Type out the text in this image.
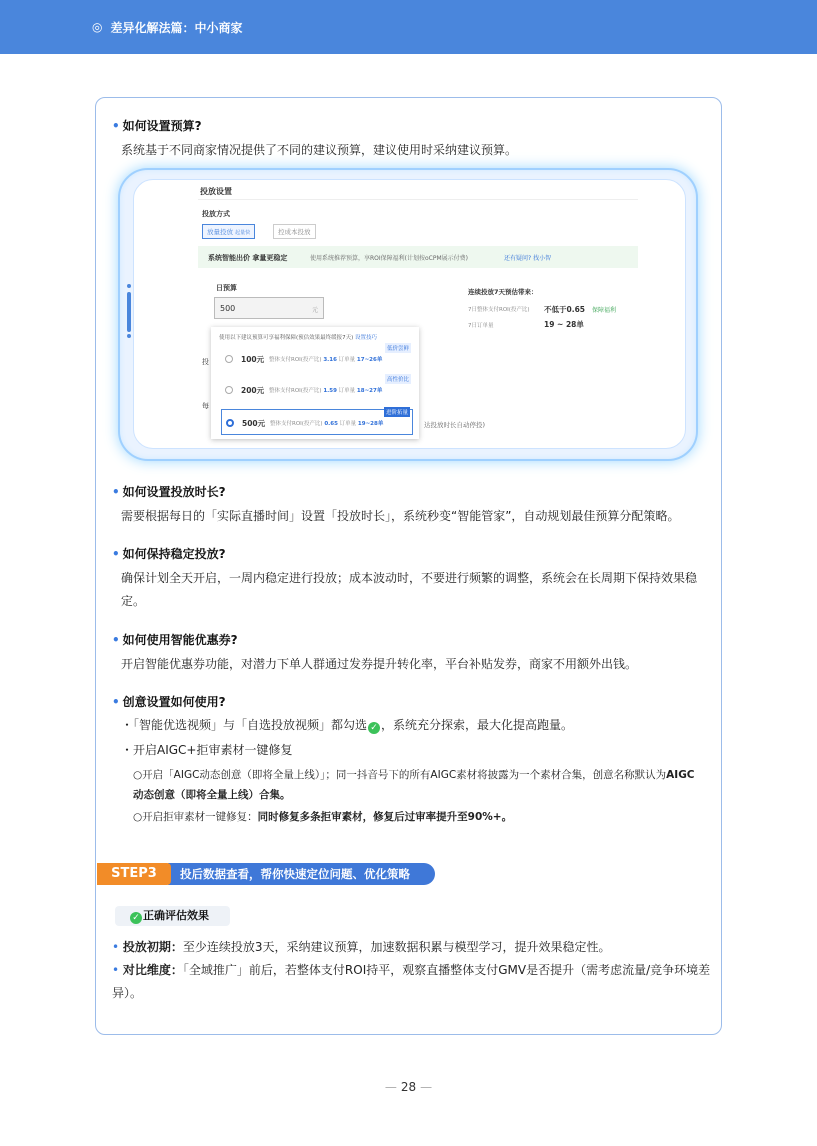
◎ 差异化解法篇：中小商家
• 如何设置预算?
系统基于不同商家情况提供了不同的建议预算，建议使用时采纳建议预算。
投放设置
投放方式
放量投放 起量快	控成本投放
系统智能出价 拿量更稳定	使用系统推荐预算，享ROI保障福利(计划按oCPM展示付费)	还有疑问? 找小智
日预算
500	元
连续投放7天预估带来：
7日整体支付ROI(投产比) 不低于0.65 保障福利
7日订单量	19 ~ 28单
投
每
达投放时长自动停投)
使用以下建议预算可享福利保障(预估效果最终缓报7天) 设置技巧
100元 整体支付ROI(投产比) 3.16 订单量 17~26单
低价尝鲜
200元 整体支付ROI(投产比) 1.59 订单量 18~27单
高性价比
500元 整体支付ROI(投产比) 0.65 订单量 19~28单
进阶拓量
• 如何设置投放时长?
需要根据每日的「实际直播时间」设置「投放时长」，系统秒变“智能管家”，自动规划最佳预算分配策略。
• 如何保持稳定投放?
确保计划全天开启，一周内稳定进行投放；成本波动时，不要进行频繁的调整，系统会在长周期下保持效果稳定。
• 如何使用智能优惠券?
开启智能优惠券功能，对潜力下单人群通过发券提升转化率，平台补贴发券，商家不用额外出钱。
• 创意设置如何使用?
・「智能优选视频」与「自选投放视频」都勾选 ✓ ，系统充分探索，最大化提高跑量。
・开启AIGC+拒审素材一键修复
○开启「AIGC动态创意（即将全量上线）」；同一抖音号下的所有AIGC素材将披露为一个素材合集，创意名称默认为AIGC动态创意（即将全量上线）合集。
○开启拒审素材一键修复：同时修复多条拒审素材，修复后过审率提升至90%+。
投后数据查看，帮你快速定位问题、优化策略
STEP3
✓ 正确评估效果
• 投放初期：至少连续投放3天，采纳建议预算，加速数据积累与模型学习，提升效果稳定性。
• 对比维度：「全域推广」前后，若整体支付ROI持平，观察直播整体支付GMV是否提升（需考虑流量/竞争环境差异）。
— 28 —
